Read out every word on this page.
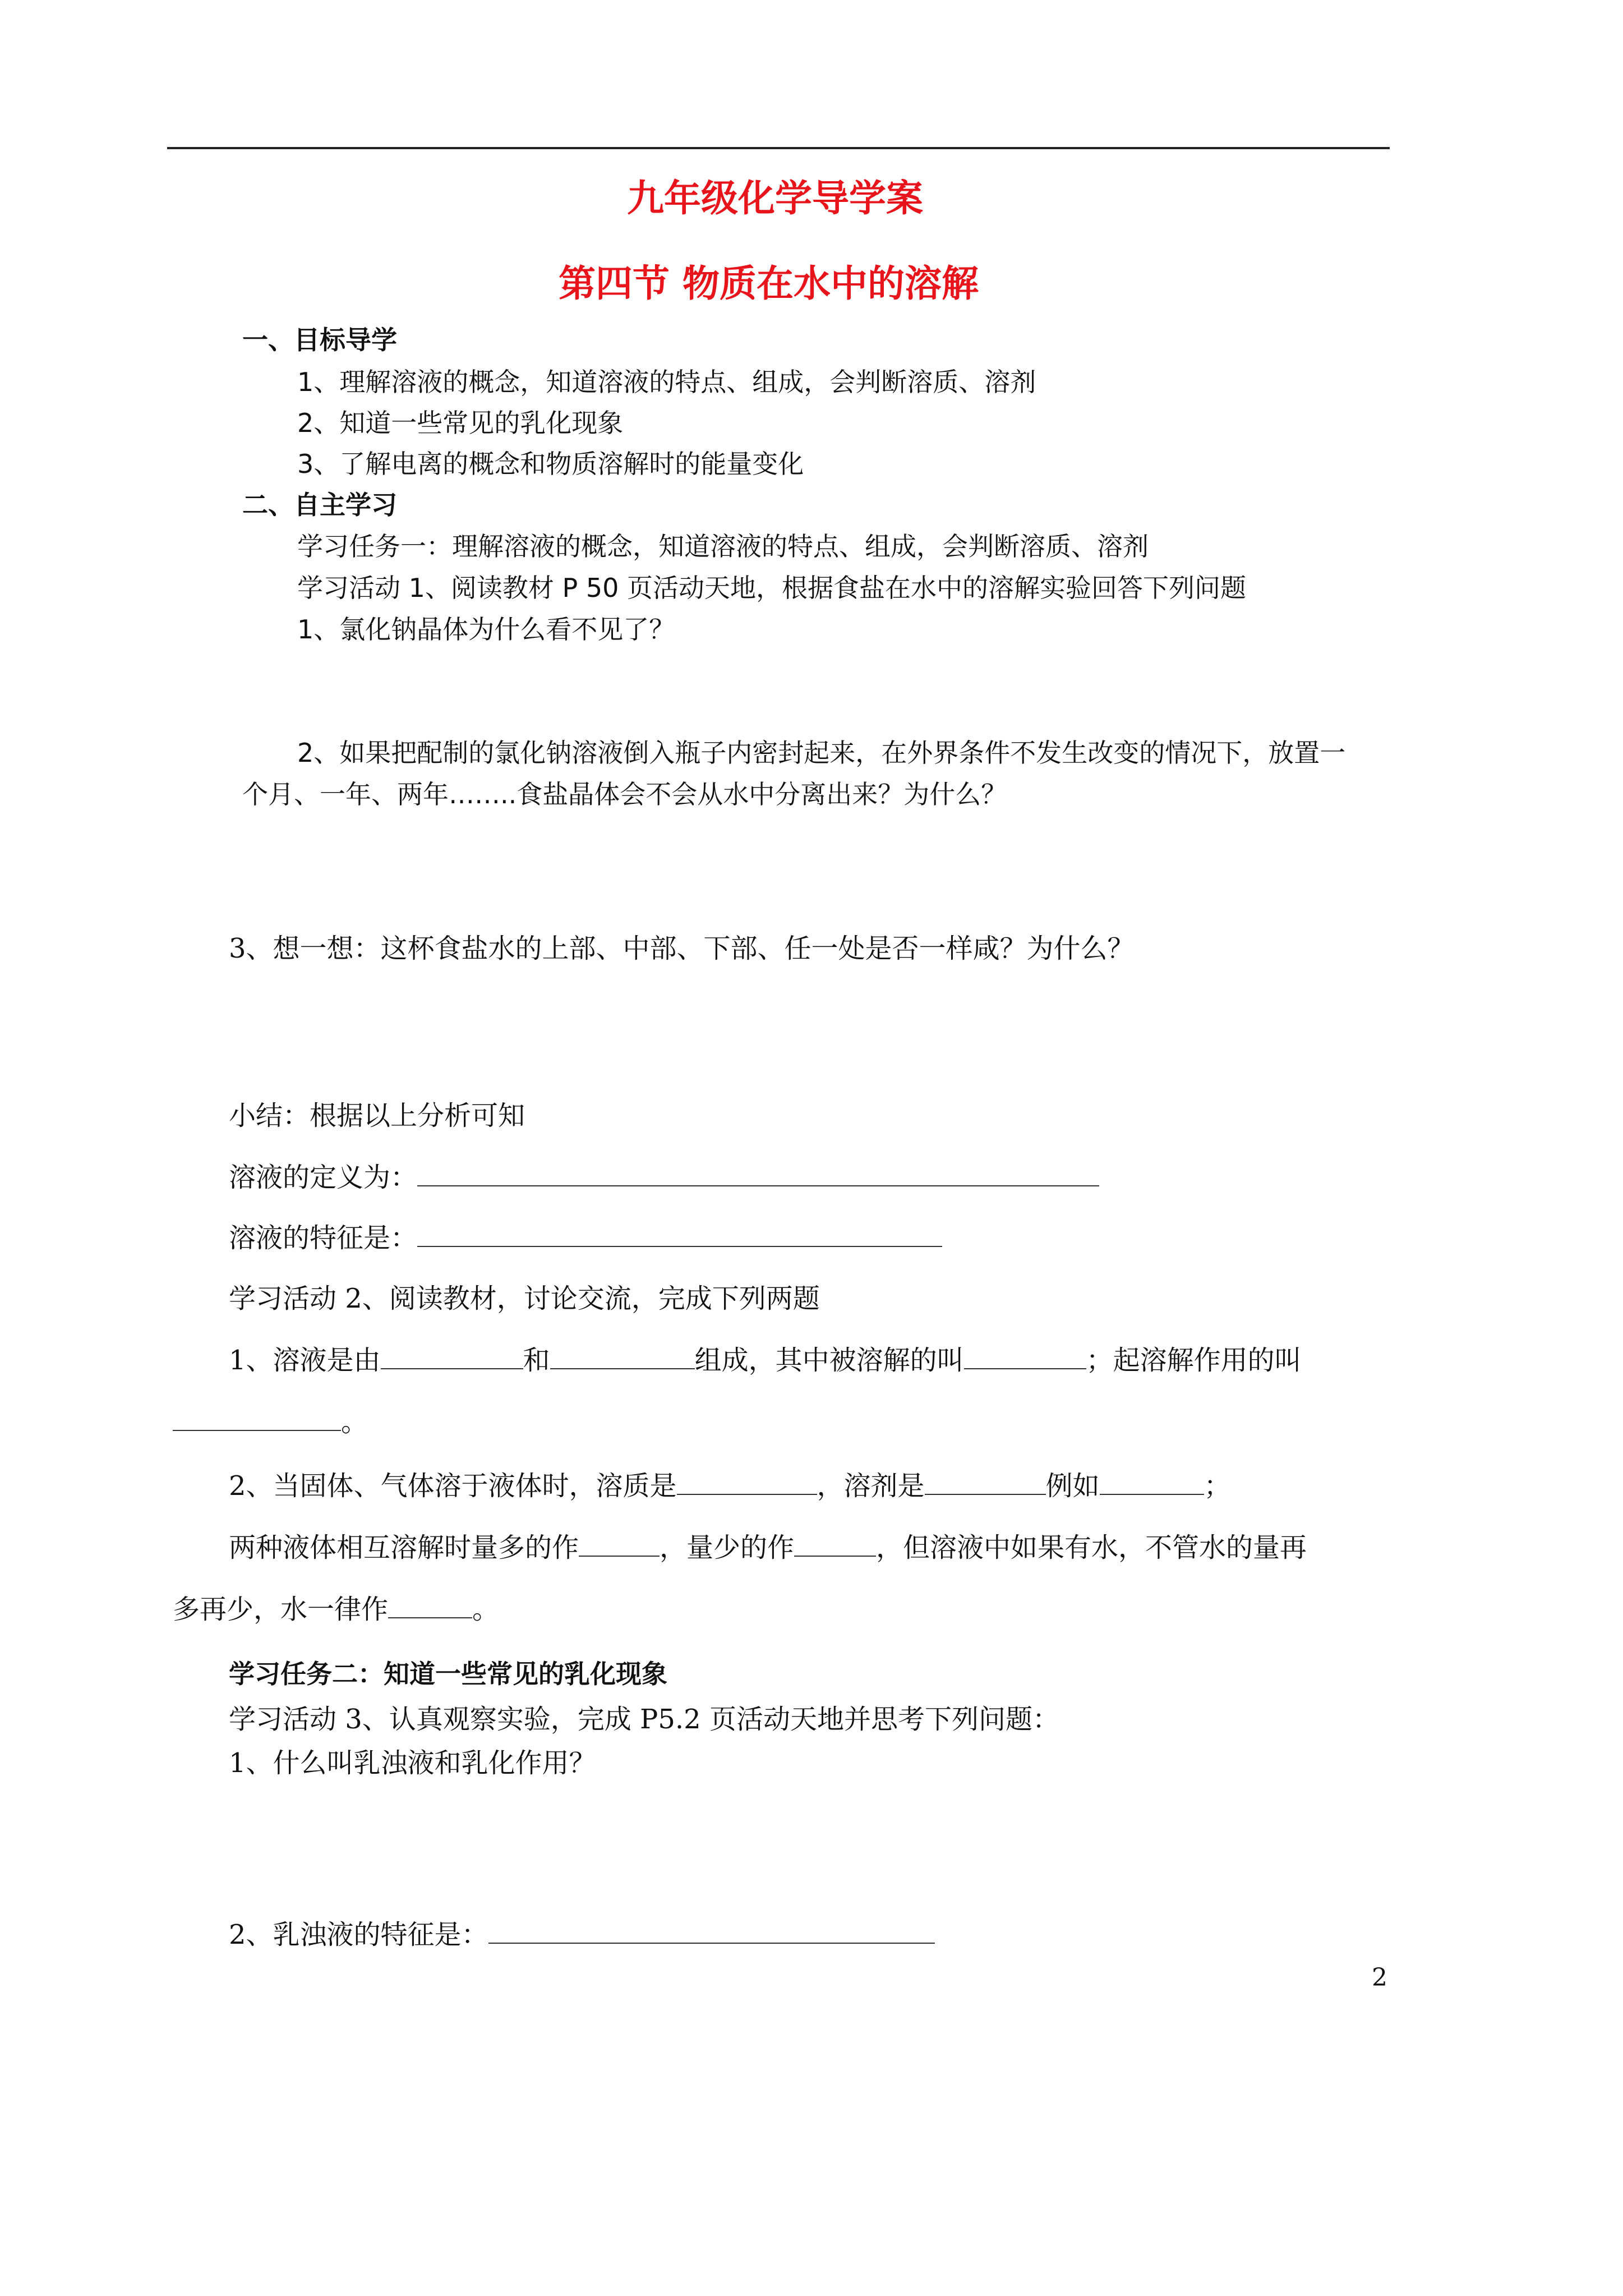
九年级化学导学案
第四节 物质在水中的溶解
一、目标导学
1、理解溶液的概念，知道溶液的特点、组成，会判断溶质、溶剂
2、知道一些常见的乳化现象
3、了解电离的概念和物质溶解时的能量变化
二、自主学习
学习任务一：理解溶液的概念，知道溶液的特点、组成，会判断溶质、溶剂
学习活动 1、阅读教材 P 50 页活动天地，根据食盐在水中的溶解实验回答下列问题
1、氯化钠晶体为什么看不见了？
2、如果把配制的氯化钠溶液倒入瓶子内密封起来，在外界条件不发生改变的情况下，放置一
个月、一年、两年……..食盐晶体会不会从水中分离出来？为什么？
3、想一想：这杯食盐水的上部、中部、下部、任一处是否一样咸？为什么？
小结：根据以上分析可知
溶液的定义为：
溶液的特征是：
学习活动 2、阅读教材，讨论交流，完成下列两题
1、溶液是由	和	组成，其中被溶解的叫	；起溶解作用的叫
。
2、当固体、气体溶于液体时，溶质是	，溶剂是	例如	；
两种液体相互溶解时量多的作	，量少的作	，但溶液中如果有水，不管水的量再
多再少，水一律作	。
学习任务二：知道一些常见的乳化现象
学习活动 3、认真观察实验，完成 P5.2 页活动天地并思考下列问题：
1、什么叫乳浊液和乳化作用？
2、乳浊液的特征是：
2
